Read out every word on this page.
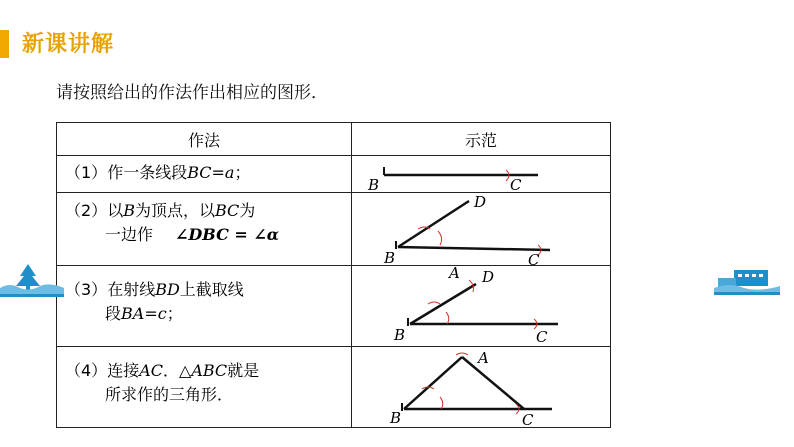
新课讲解
请按照给出的作法作出相应的图形．
作法	示范

（1）作一条线段BC=a；	B C

（2）以B为顶点，以BC为
一边作 ∠DBC = ∠α	B C
D

（3）在射线BD上截取线
段BA=c；	B C
D
A

（4）连接AC．△ABC就是
所求作的三角形．	B C
A
